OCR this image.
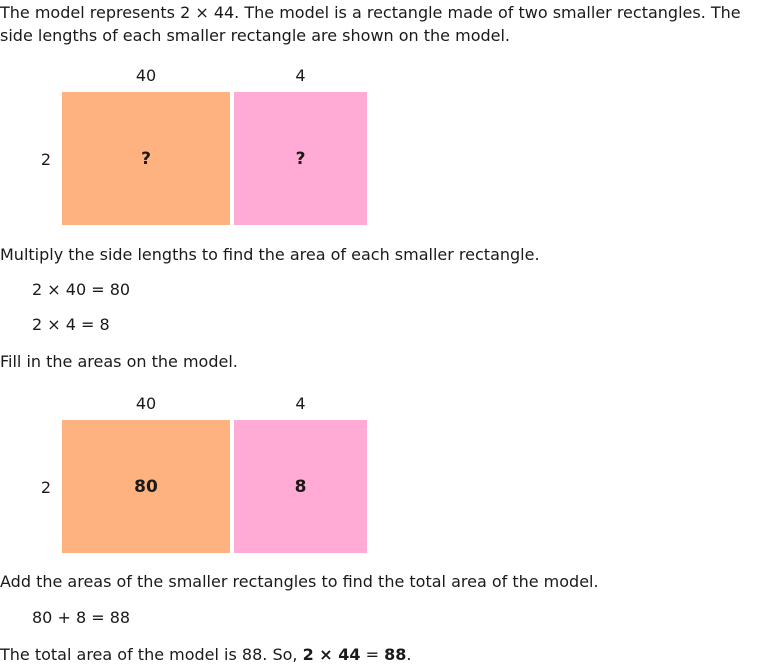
The model represents 2 × 44. The model is a rectangle made of two smaller rectangles. The

side lengths of each smaller rectangle are shown on the model.

40	4
2	?	?

Multiply the side lengths to find the area of each smaller rectangle.

2 × 40 = 80

2 × 4 = 8

Fill in the areas on the model.

40	4
2	80	8

Add the areas of the smaller rectangles to find the total area of the model.

80 + 8 = 88

The total area of the model is 88. So, 2 × 44 = 88.
